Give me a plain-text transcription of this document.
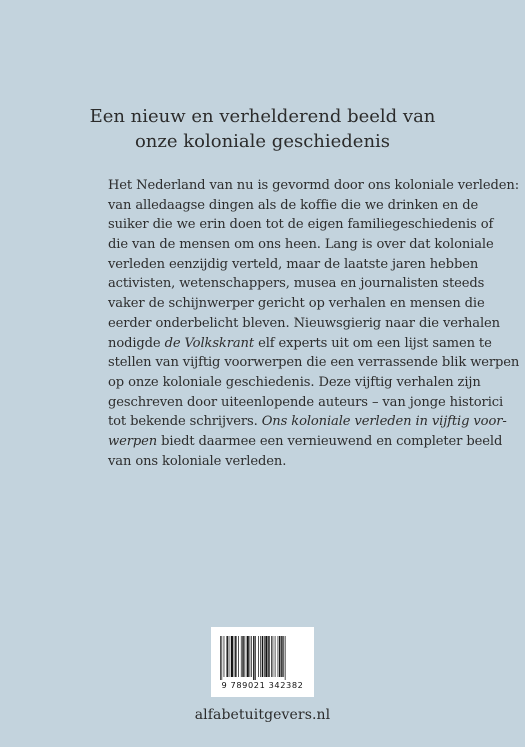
Een nieuw en verhelderend beeld van
onze koloniale geschiedenis
Het Nederland van nu is gevormd door ons koloniale verleden:
van alledaagse dingen als de koffie die we drinken en de
suiker die we erin doen tot de eigen familiegeschiedenis of
die van de mensen om ons heen. Lang is over dat koloniale
verleden eenzijdig verteld, maar de laatste jaren hebben
activisten, wetenschappers, musea en journalisten steeds
vaker de schijnwerper gericht op verhalen en mensen die
eerder onderbelicht bleven. Nieuwsgierig naar die verhalen
nodigde de Volkskrant elf experts uit om een lijst samen te
stellen van vijftig voorwerpen die een verrassende blik werpen
op onze koloniale geschiedenis. Deze vijftig verhalen zijn
geschreven door uiteenlopende auteurs – van jonge historici
tot bekende schrijvers. Ons koloniale verleden in vijftig voor-
werpen biedt daarmee een vernieuwend en completer beeld
van ons koloniale verleden.
9 789021 342382
alfabetuitgevers.nl
